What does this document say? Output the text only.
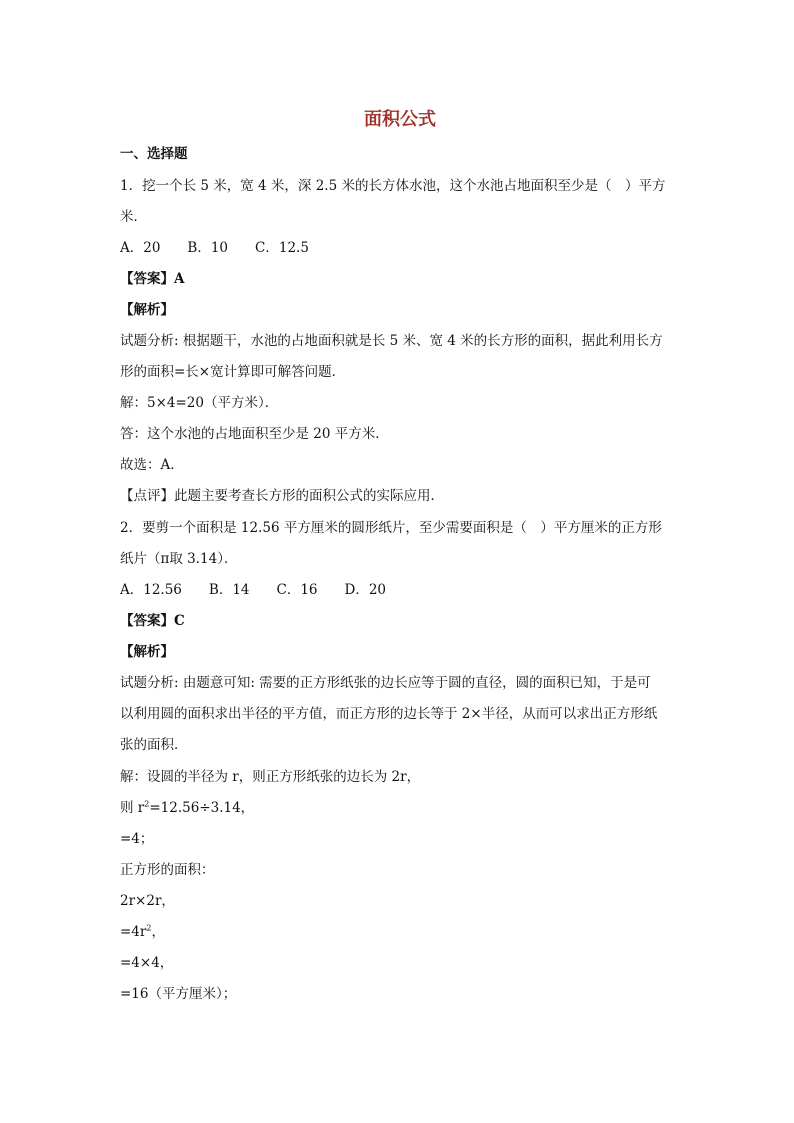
面积公式
一、选择题
1．挖一个长 5 米，宽 4 米，深 2.5 米的长方体水池，这个水池占地面积至少是（　）平方
米．
A．20　　B．10　　C．12.5
【答案】A
【解析】
试题分析: 根据题干，水池的占地面积就是长 5 米、宽 4 米的长方形的面积，据此利用长方
形的面积=长×宽计算即可解答问题．
解：5×4=20（平方米）．
答：这个水池的占地面积至少是 20 平方米．
故选：A．
【点评】此题主要考查长方形的面积公式的实际应用．
2．要剪一个面积是 12.56 平方厘米的圆形纸片，至少需要面积是（　）平方厘米的正方形
纸片（π取 3.14）．
A．12.56　　B．14　　C．16　　D．20
【答案】C
【解析】
试题分析: 由题意可知: 需要的正方形纸张的边长应等于圆的直径，圆的面积已知，于是可
以利用圆的面积求出半径的平方值，而正方形的边长等于 2×半径，从而可以求出正方形纸
张的面积．
解：设圆的半径为 r，则正方形纸张的边长为 2r，
则 $r^2=12.56\div 3.14$，
=4；
正方形的面积：
2r×2r，
$=4r^2$，
=4×4，
=16（平方厘米）；
